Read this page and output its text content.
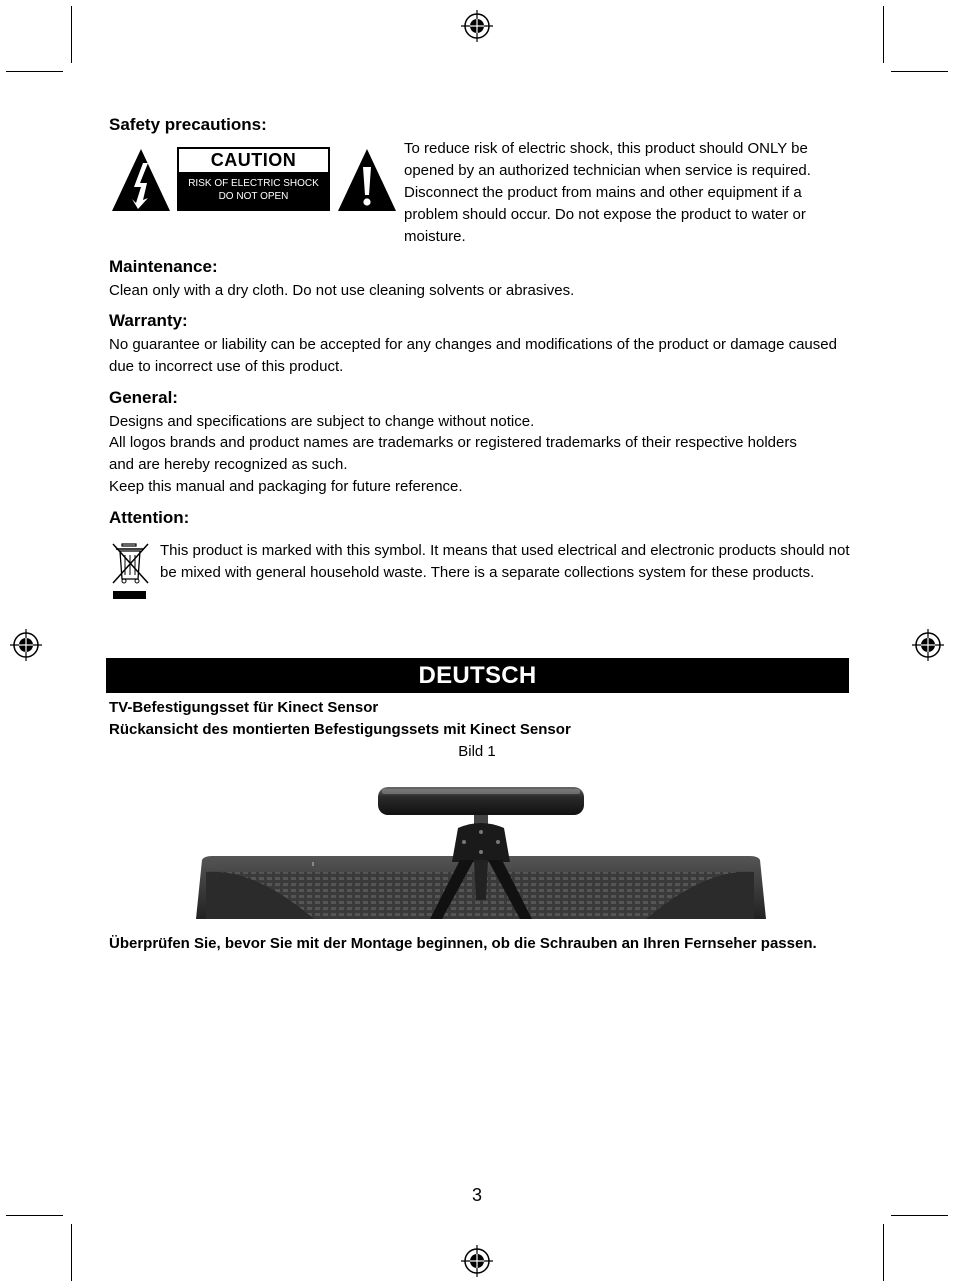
Safety precautions:
CAUTION
RISK OF ELECTRIC SHOCK
DO NOT OPEN

To reduce risk of electric shock, this product should ONLY be opened by an authorized technician when service is required. Disconnect the product from mains and other equipment if a problem should occur. Do not expose the product to water or moisture.

Maintenance:

Clean only with a dry cloth. Do not use cleaning solvents or abrasives.

Warranty:

No guarantee or liability can be accepted for any changes and modifications of the product or damage caused due to incorrect use of this product.

General:

Designs and specifications are subject to change without notice.

All logos brands and product names are trademarks or registered trademarks of their respective holders and are hereby recognized as such.

Keep this manual and packaging for future reference.

Attention:

This product is marked with this symbol. It means that used electrical and electronic products should not be mixed with general household waste. There is a separate collections system for these products.

DEUTSCH

TV-Befestigungsset für Kinect Sensor

Rückansicht des montierten Befestigungssets mit Kinect Sensor

Bild 1

Überprüfen Sie, bevor Sie mit der Montage beginnen, ob die Schrauben an Ihren Fernseher passen.

3
